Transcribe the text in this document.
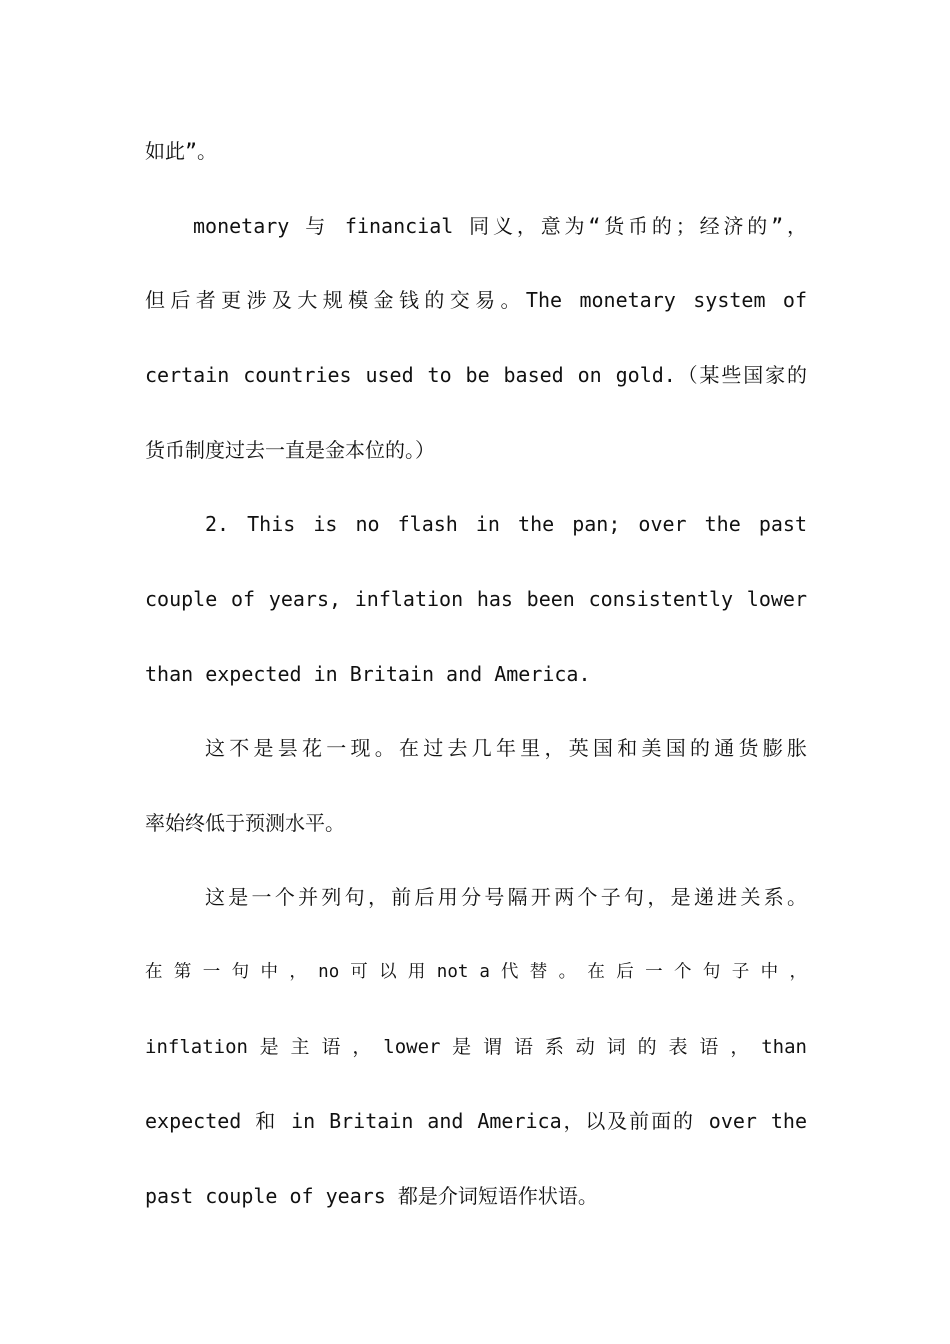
如此”。
monetary 与 financial 同义，意为“货币的；经济的”，
但后者更涉及大规模金钱的交易。The monetary system of
certain countries used to be based on gold.（某些国家的
货币制度过去一直是金本位的。）
2. This is no flash in the pan; over the past
couple of years, inflation has been consistently lower
than expected in Britain and America.
这不是昙花一现。在过去几年里，英国和美国的通货膨胀
率始终低于预测水平。
这是一个并列句，前后用分号隔开两个子句，是递进关系。
在 第 一 句 中 ， no 可 以 用 not a 代 替 。 在 后 一 个 句 子 中 ，
inflation 是 主 语 ， lower 是 谓 语 系 动 词 的 表 语 ， than
expected 和 in Britain and America，以及前面的 over the
past couple of years 都是介词短语作状语。
